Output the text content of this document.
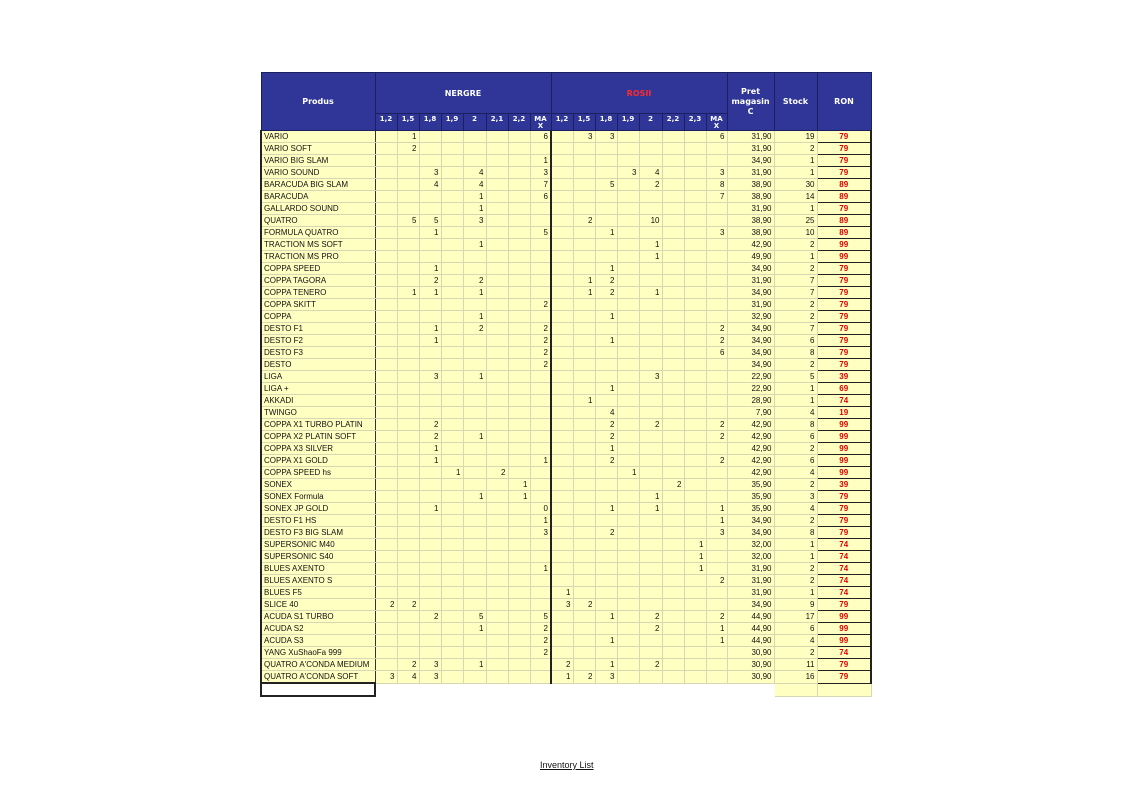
Produs	NERGRE								ROSII								Pret magasin C	Stock	RON
	1,2	1,5	1,8	1,9	2	2,1	2,2	MA X	1,2	1,5	1,8	1,9	2	2,2	2,3	MA X			
VARIO		1						6		3	3					6	31,90	19	79
VARIO SOFT		2															31,90	2	79
VARIO BIG SLAM								1									34,90	1	79
VARIO SOUND			3		4			3				3	4			3	31,90	1	79
BARACUDA BIG SLAM			4		4			7			5		2			8	38,90	30	89
BARACUDA					1			6								7	38,90	14	89
GALLARDO SOUND					1												31,90	1	79
QUATRO		5	5		3					2			10				38,90	25	89
FORMULA QUATRO			1					5			1					3	38,90	10	89
TRACTION MS SOFT					1								1				42,90	2	99
TRACTION MS PRO													1				49,90	1	99
COPPA SPEED			1								1						34,90	2	79
COPPA TAGORA			2		2					1	2						31,90	7	79
COPPA TENERO		1	1		1					1	2		1				34,90	7	79
COPPA SKITT								2									31,90	2	79
COPPA					1						1						32,90	2	79
DESTO F1			1		2			2								2	34,90	7	79
DESTO F2			1					2			1					2	34,90	6	79
DESTO F3								2								6	34,90	8	79
DESTO								2									34,90	2	79
LIGA			3		1								3				22,90	5	39
LIGA +											1						22,90	1	69
AKKADI										1							28,90	1	74
TWINGO											4						7,90	4	19
COPPA X1 TURBO PLATIN			2								2		2			2	42,90	8	99
COPPA X2 PLATIN SOFT			2		1						2					2	42,90	6	99
COPPA X3 SILVER			1								1						42,90	2	99
COPPA X1 GOLD			1					1			2					2	42,90	6	99
COPPA SPEED hs				1		2						1					42,90	4	99
SONEX							1							2			35,90	2	39
SONEX Formula					1		1						1				35,90	3	79
SONEX JP GOLD			1					0			1		1			1	35,90	4	79
DESTO F1 HS								1								1	34,90	2	79
DESTO F3 BIG SLAM								3			2					3	34,90	8	79
SUPERSONIC M40															1		32,00	1	74
SUPERSONIC S40															1		32,00	1	74
BLUES AXENTO								1							1		31,90	2	74
BLUES AXENTO S																2	31,90	2	74
BLUES F5									1								31,90	1	74
SLICE 40	2	2							3	2							34,90	9	79
ACUDA S1 TURBO			2		5			5			1		2			2	44,90	17	99
ACUDA S2					1			2					2			1	44,90	6	99
ACUDA S3								2			1					1	44,90	4	99
YANG XuShaoFa 999								2									30,90	2	74
QUATRO A'CONDA MEDIUM		2	3		1				2		1		2				30,90	11	79
QUATRO A'CONDA SOFT	3	4	3						1	2	3						30,90	16	79

Inventory List
